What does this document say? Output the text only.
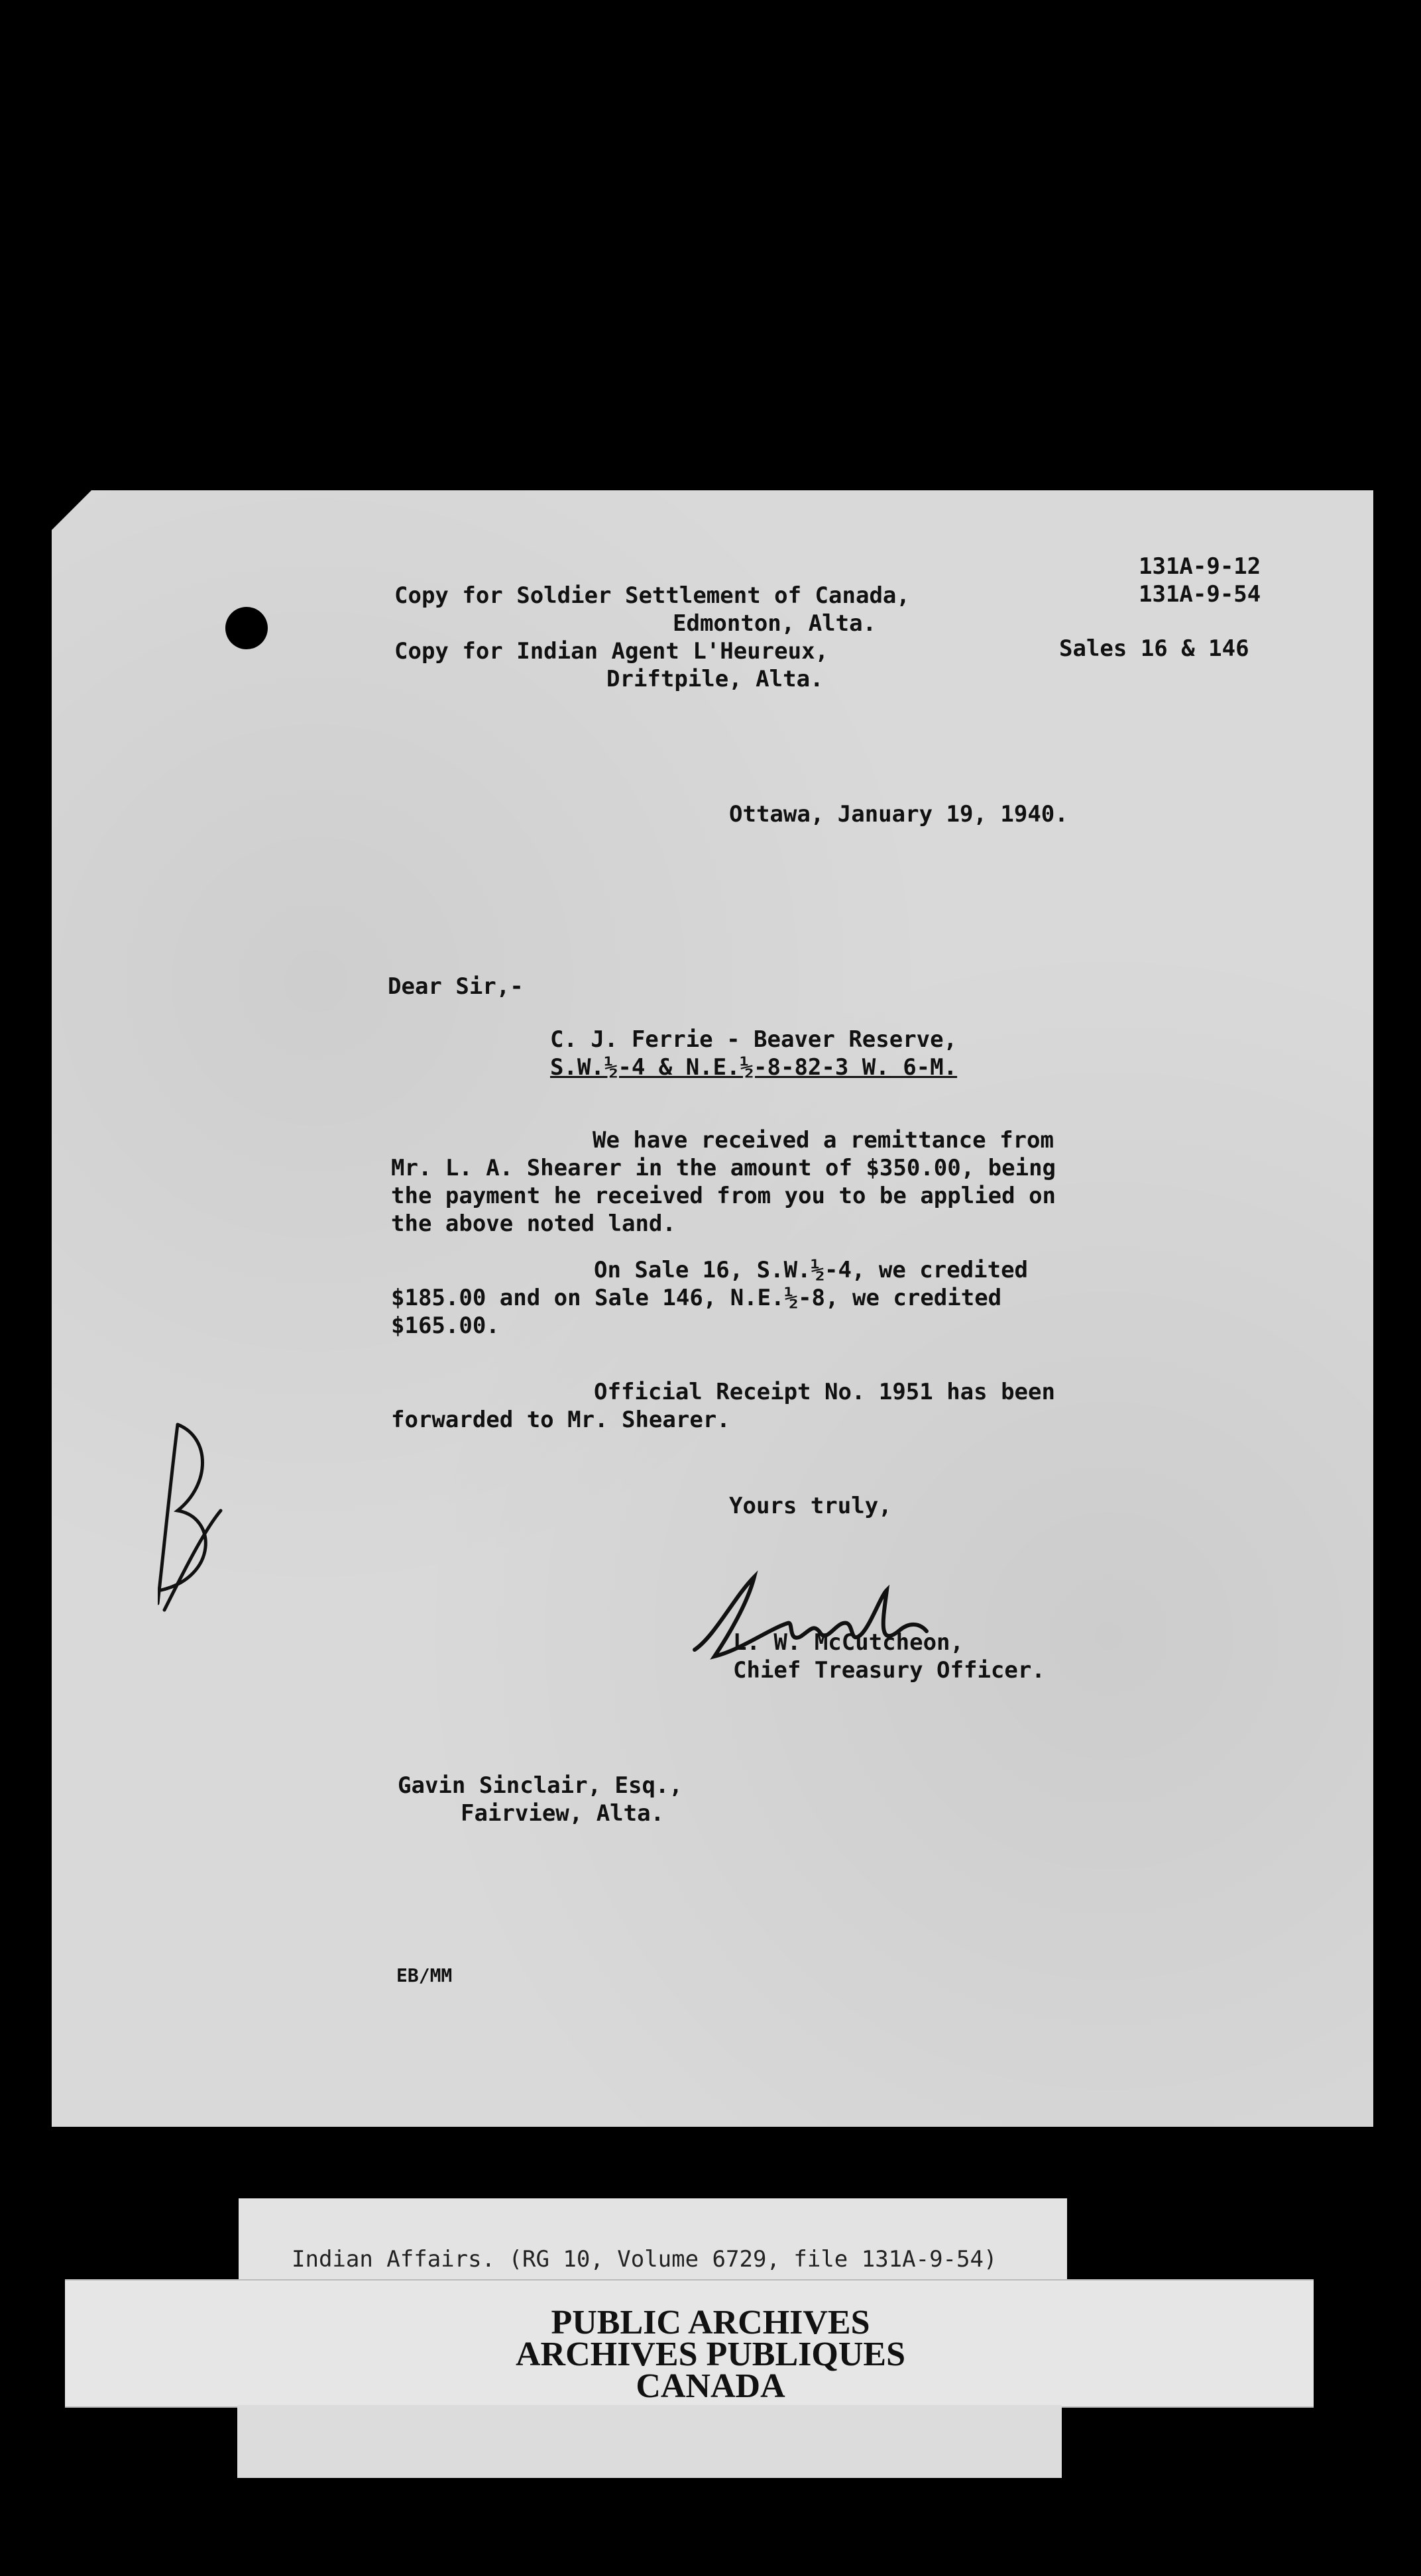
131A-9-12
131A-9-54
Sales 16 & 146
Copy for Soldier Settlement of Canada,
Edmonton, Alta.
Copy for Indian Agent L'Heureux,
Driftpile, Alta.
Ottawa, January 19, 1940.
Dear Sir,-
C. J. Ferrie - Beaver Reserve,
S.W.½-4 & N.E.½-8-82-3 W. 6-M.
We have received a remittance from
Mr. L. A. Shearer in the amount of $350.00, being
the payment he received from you to be applied on
the above noted land.
On Sale 16, S.W.½-4, we credited
$185.00 and on Sale 146, N.E.½-8, we credited
$165.00.
Official Receipt No. 1951 has been
forwarded to Mr. Shearer.
Yours truly,
L. W. McCutcheon,
Chief Treasury Officer.
Gavin Sinclair, Esq.,
Fairview, Alta.
EB/MM
Indian Affairs. (RG 10, Volume 6729, file 131A-9-54)
PUBLIC ARCHIVES
ARCHIVES PUBLIQUES
CANADA
